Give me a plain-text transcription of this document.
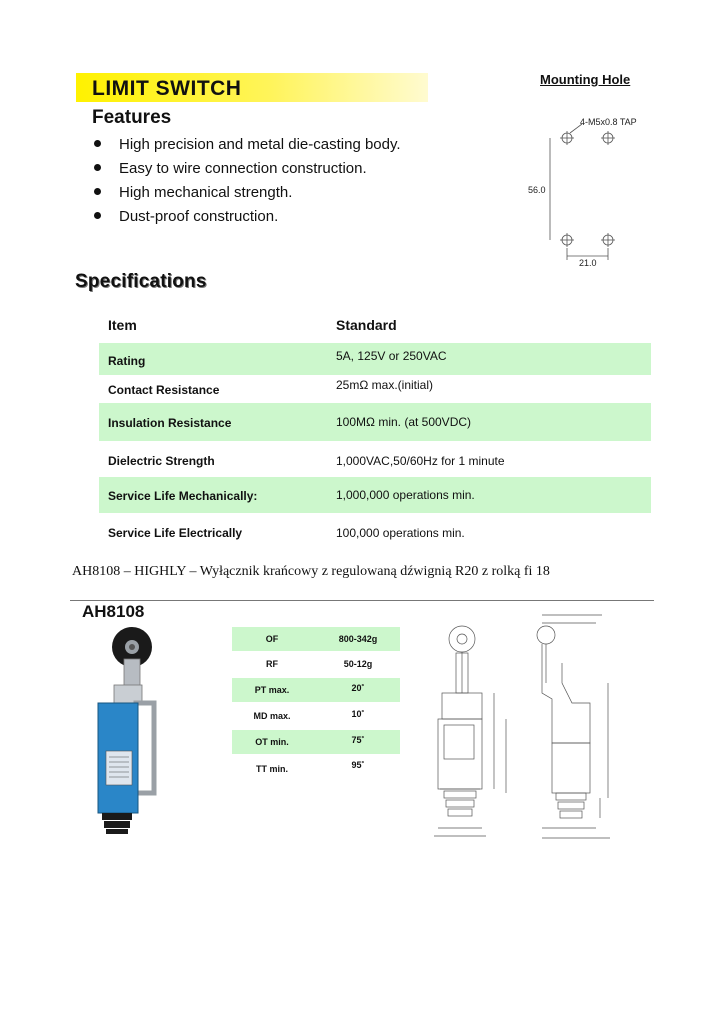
LIMIT SWITCH
Features
High precision and metal die-casting body.
Easy to wire connection construction.
High mechanical strength.
Dust-proof construction.
Mounting Hole
4-M5x0.8 TAP
56.0
21.0
Specifications
Item	Standard
Rating	5A, 125V or 250VAC
Contact Resistance	25mΩ max.(initial)
Insulation Resistance	100MΩ min. (at 500VDC)
Dielectric Strength	1,000VAC,50/60Hz for 1 minute
Service Life Mechanically:	1,000,000 operations min.
Service Life Electrically	100,000 operations min.
AH8108 – HIGHLY – Wyłącznik krańcowy z regulowaną dźwignią R20 z rolką fi 18
AH8108
OF	800-342g
RF	50-12g
PT max.	20˚
MD max.	10˚
OT min.	75˚
TT min.	95˚
